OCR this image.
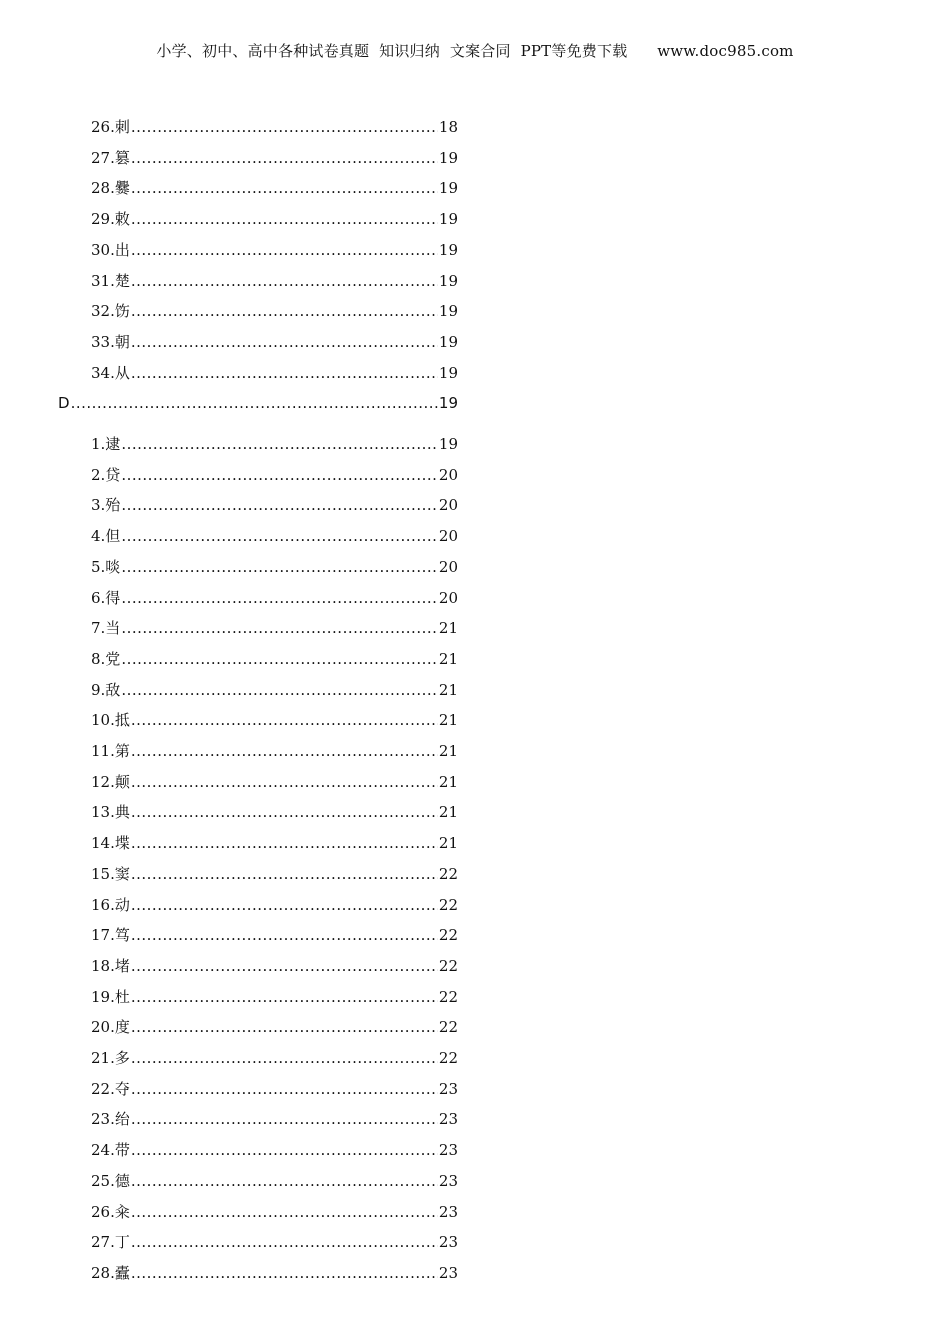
小学、初中、高中各种试卷真题  知识归纳  文案合同  PPT等免费下载      www.doc985.com
26.刺 .....	18
27.篡 .....	19
28.爨 .....	19
29.敕 .....	19
30.出 .....	19
31.楚 .....	19
32.饬 .....	19
33.朝 .....	19
34.从 .....	19
D .....	19
1.逮 .....	19
2.贷 .....	20
3.殆 .....	20
4.但 .....	20
5.啖 .....	20
6.得 .....	20
7.当 .....	21
8.党 .....	21
9.敌 .....	21
10.抵 .....	21
11.第 .....	21
12.颠 .....	21
13.典 .....	21
14.堞 .....	21
15.窦 .....	22
16.动 .....	22
17.笃 .....	22
18.堵 .....	22
19.杜 .....	22
20.度 .....	22
21.多 .....	22
22.夺 .....	23
23.绐 .....	23
24.带 .....	23
25.德 .....	23
26.籴 .....	23
27.丁 .....	23
28.蠹 .....	23
